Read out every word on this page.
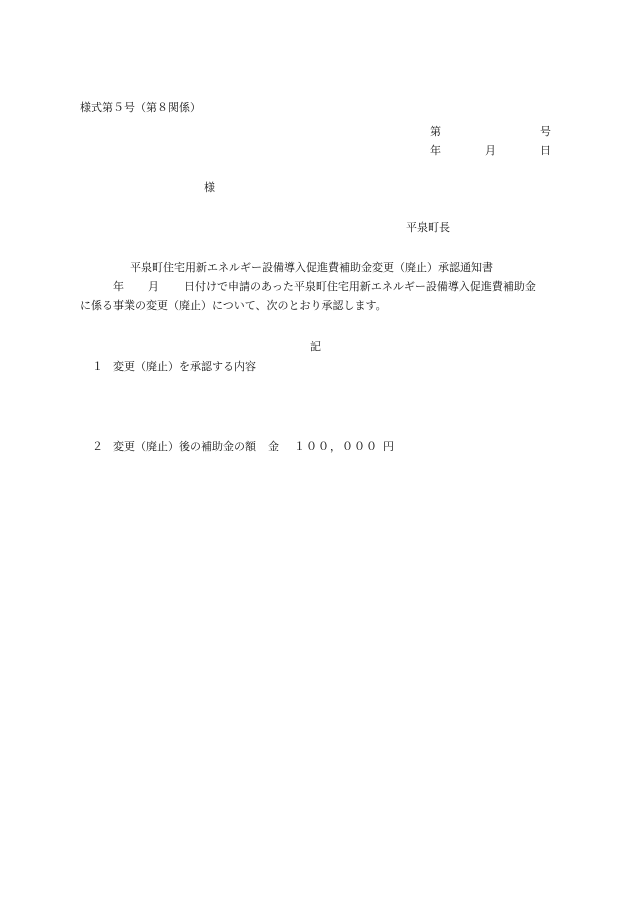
様式第５号（第８関係）
第	号
年	月	日
様
平泉町長
平泉町住宅用新エネルギー設備導入促進費補助金変更（廃止）承認通知書
年 月 日付けで申請のあった平泉町住宅用新エネルギー設備導入促進費補助金
に係る事業の変更（廃止）について、次のとおり承認します。
記
１ 変更（廃止）を承認する内容
２ 変更（廃止）後の補助金の額 金 １００，０００ 円
